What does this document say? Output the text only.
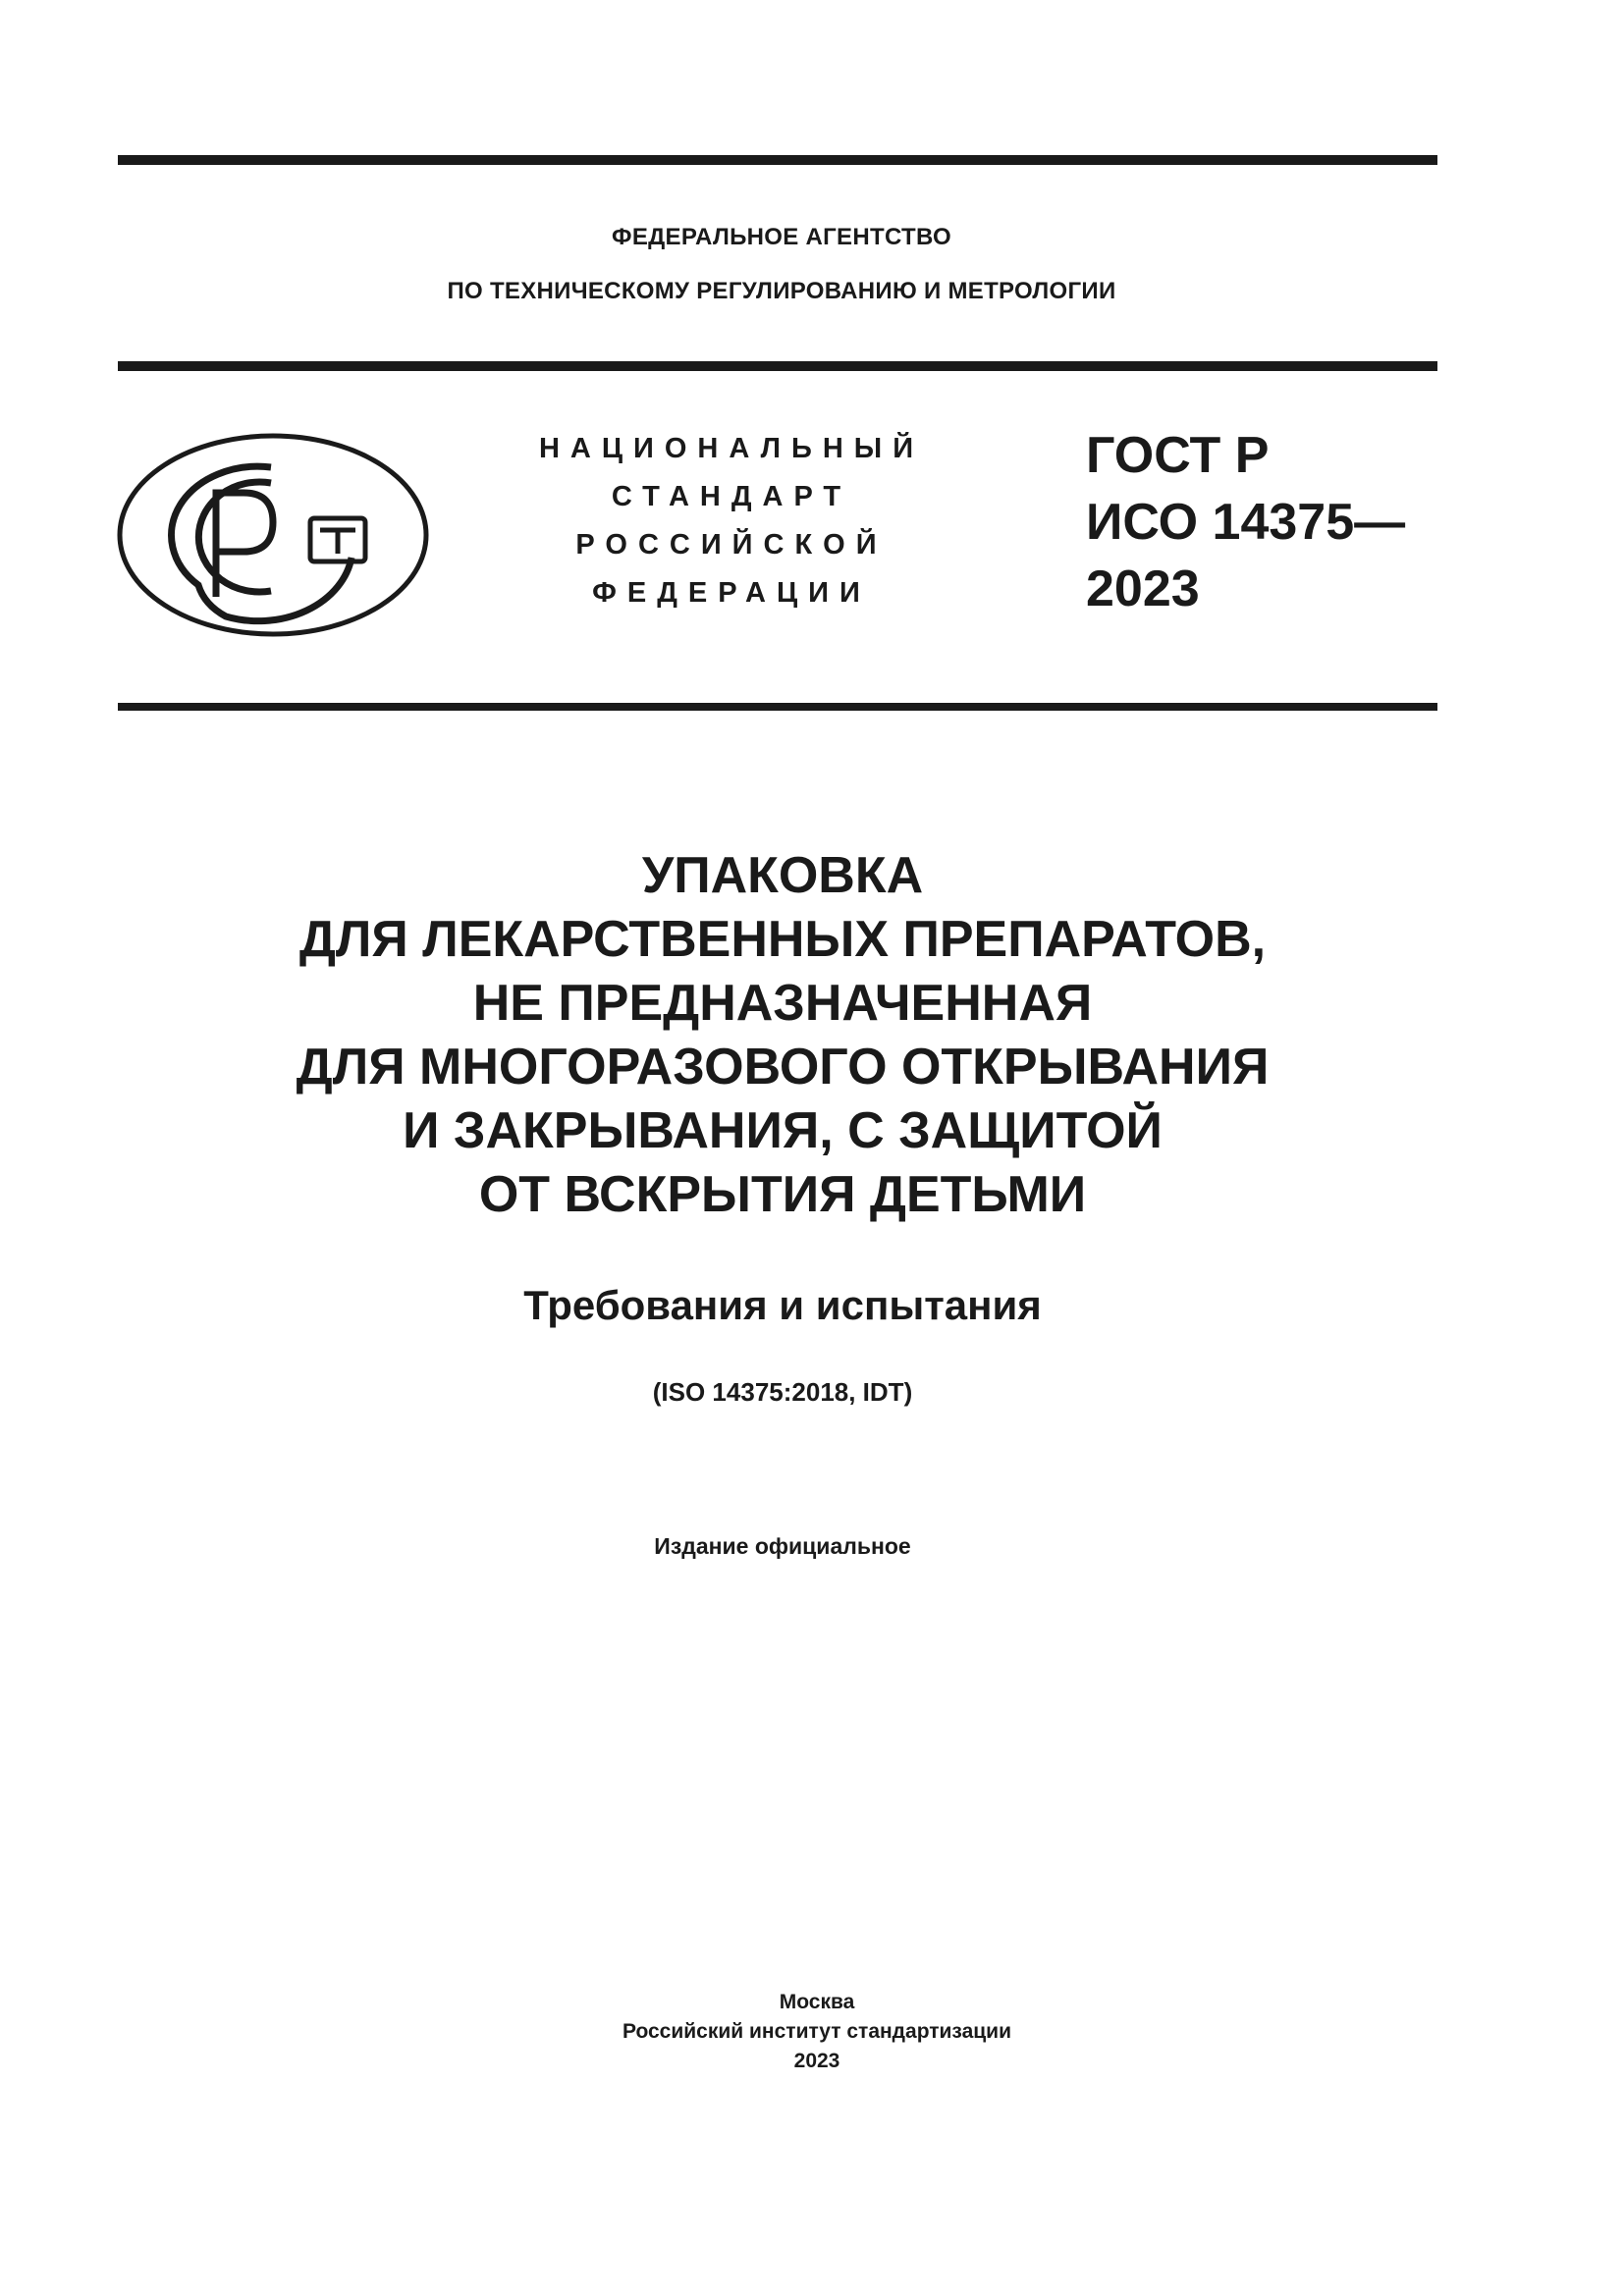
ФЕДЕРАЛЬНОЕ АГЕНТСТВО
ПО ТЕХНИЧЕСКОМУ РЕГУЛИРОВАНИЮ И МЕТРОЛОГИИ
НАЦИОНАЛЬНЫЙ
СТАНДАРТ
РОССИЙСКОЙ
ФЕДЕРАЦИИ
ГОСТ Р
ИСО 14375—
2023
УПАКОВКА
ДЛЯ ЛЕКАРСТВЕННЫХ ПРЕПАРАТОВ,
НЕ ПРЕДНАЗНАЧЕННАЯ
ДЛЯ МНОГОРАЗОВОГО ОТКРЫВАНИЯ
И ЗАКРЫВАНИЯ, С ЗАЩИТОЙ
ОТ ВСКРЫТИЯ ДЕТЬМИ
Требования и испытания
(ISO 14375:2018, IDT)
Издание официальное
Москва
Российский институт стандартизации
2023
